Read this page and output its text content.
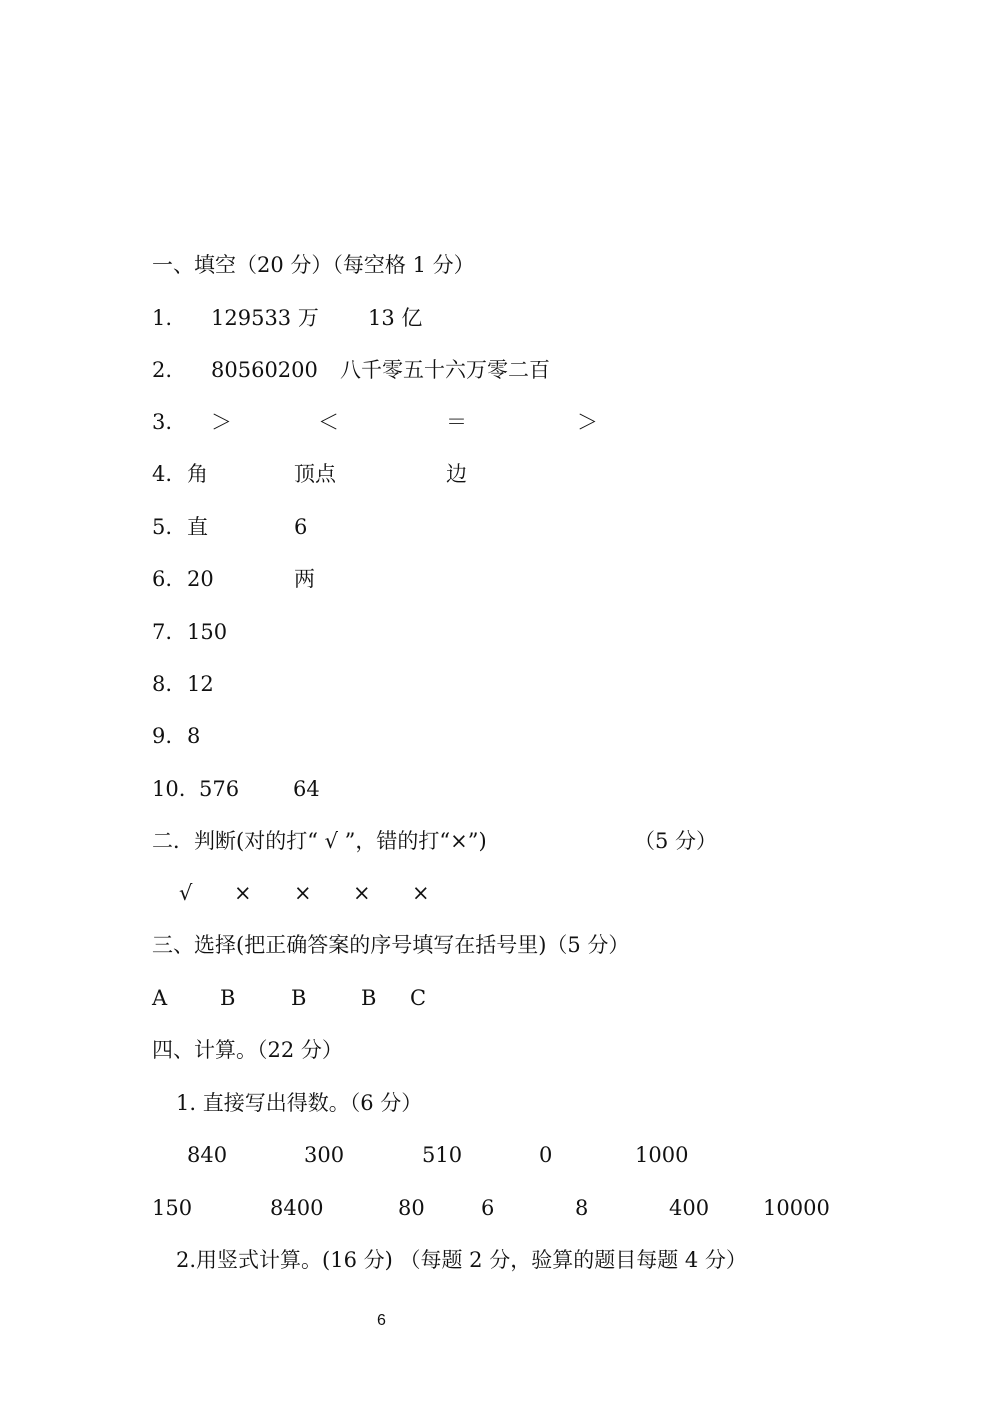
一、填空（20 分）（每空格 1 分）
1. 129533 万 13 亿
2. 80560200 八千零五十六万零二百
3. ＞	＜	＝	＞
4. 角	顶点	边
5. 直	6
6. 20	两
7. 150
8. 12
9. 8
10. 576	64
二．判断(对的打“ √ ”，错的打“×”)	（5 分）
√ × × × ×
三、选择(把正确答案的序号填写在括号里)（5 分）
A	B	B	B C
四、计算。（22 分）
1. 直接写出得数。（6 分）
840	300	510	0	1000
150	8400	80	6	8	400	10000
2.用竖式计算。(16 分) （每题 2 分，验算的题目每题 4 分）
6
